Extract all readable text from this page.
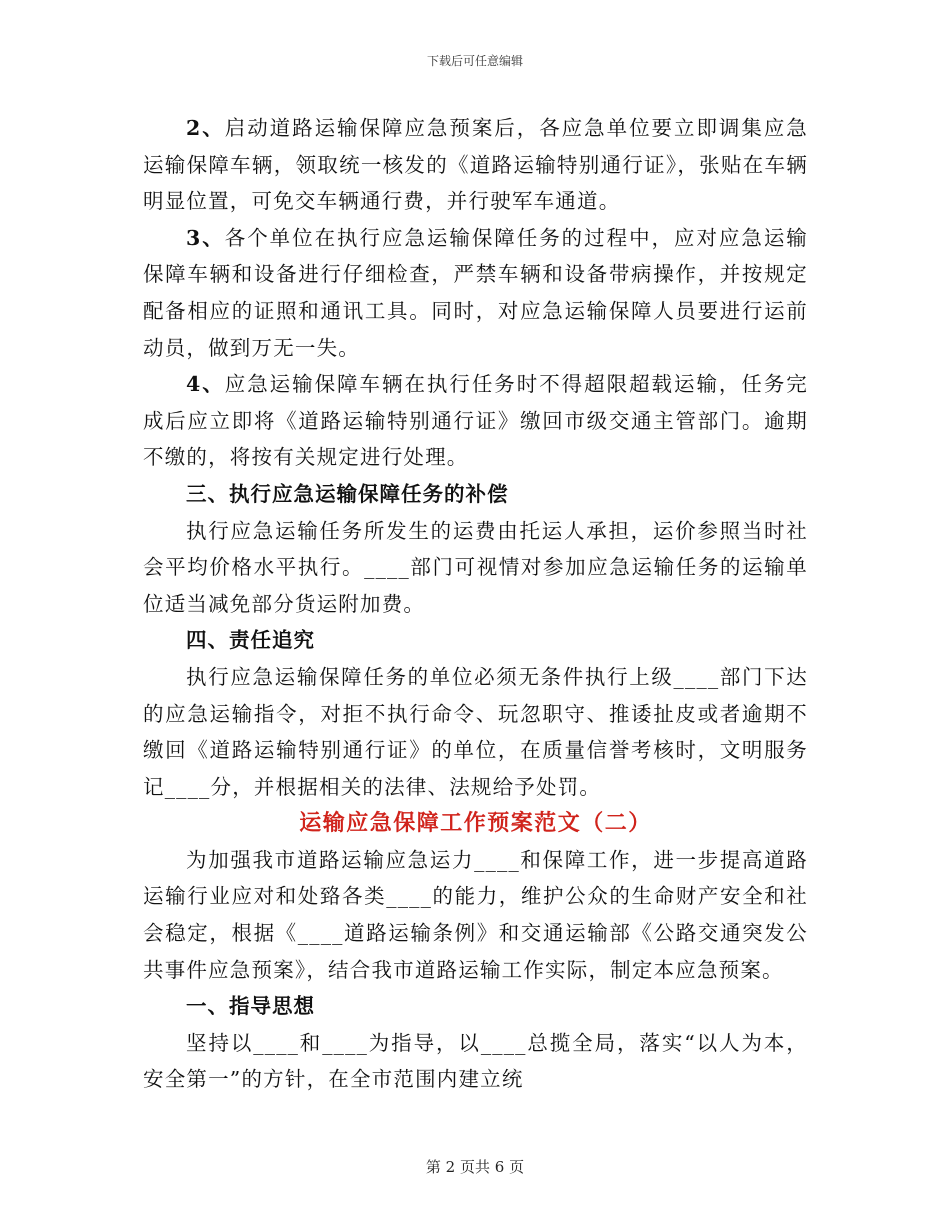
下载后可任意编辑

2、启动道路运输保障应急预案后，各应急单位要立即调集应急运输保障车辆，领取统一核发的《道路运输特别通行证》，张贴在车辆明显位置，可免交车辆通行费，并行驶军车通道。

3、各个单位在执行应急运输保障任务的过程中，应对应急运输保障车辆和设备进行仔细检查，严禁车辆和设备带病操作，并按规定配备相应的证照和通讯工具。同时，对应急运输保障人员要进行运前动员，做到万无一失。

4、应急运输保障车辆在执行任务时不得超限超载运输，任务完成后应立即将《道路运输特别通行证》缴回市级交通主管部门。逾期不缴的，将按有关规定进行处理。

三、执行应急运输保障任务的补偿

执行应急运输任务所发生的运费由托运人承担，运价参照当时社会平均价格水平执行。____部门可视情对参加应急运输任务的运输单位适当减免部分货运附加费。

四、责任追究

执行应急运输保障任务的单位必须无条件执行上级____部门下达的应急运输指令，对拒不执行命令、玩忽职守、推诿扯皮或者逾期不缴回《道路运输特别通行证》的单位，在质量信誉考核时，文明服务记____分，并根据相关的法律、法规给予处罚。

运输应急保障工作预案范文（二）

为加强我市道路运输应急运力____和保障工作，进一步提高道路运输行业应对和处臵各类____的能力，维护公众的生命财产安全和社会稳定，根据《____道路运输条例》和交通运输部《公路交通突发公共事件应急预案》，结合我市道路运输工作实际，制定本应急预案。

一、指导思想

坚持以____和____为指导，以____总揽全局，落实“以人为本，安全第一”的方针，在全市范围内建立统

第 2 页共 6 页
